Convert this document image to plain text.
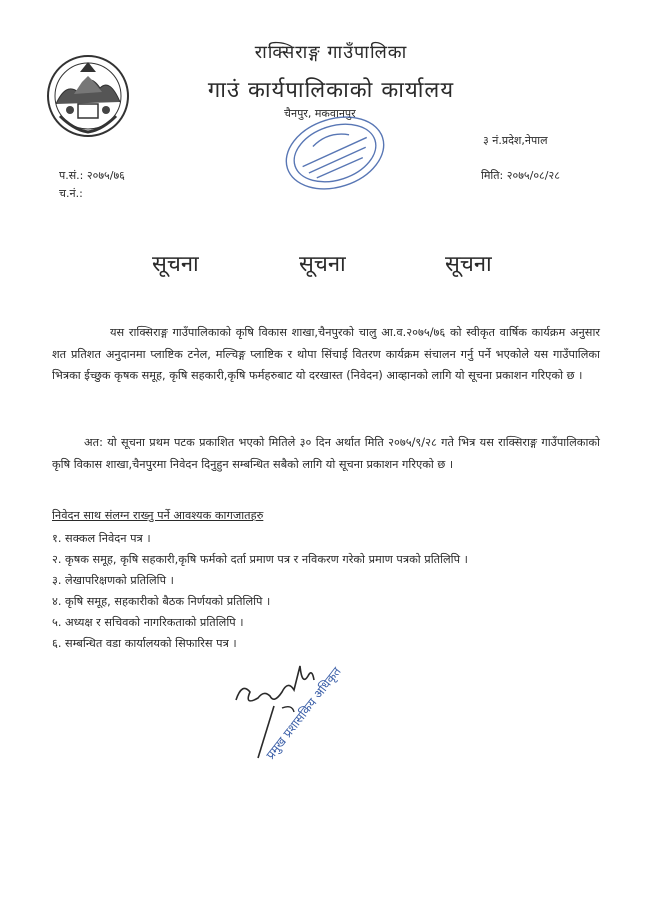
राक्सिराङ्ग गाउँपालिका
गाउं कार्यपालिकाको कार्यालय
चैनपुर, मकवानपुर
३ नं.प्रदेश,नेपाल
प.सं.: २०७५/७६
च.नं.:
मिति: २०७५/०८/२८
सूचना	सूचना	सूचना

यस राक्सिराङ्ग गाउँपालिकाको कृषि विकास शाखा,चैनपुरको चालु आ.व.२०७५/७६ को स्वीकृत वार्षिक कार्यक्रम अनुसार शत प्रतिशत अनुदानमा प्लाष्टिक टनेल, मल्चिङ्ग प्लाष्टिक र थोपा सिंचाई वितरण कार्यक्रम संचालन गर्नु पर्ने भएकोले यस गाउँपालिका भित्रका ईच्छुक कृषक समूह, कृषि सहकारी,कृषि फर्महरुबाट यो दरखास्त (निवेदन) आव्हानको लागि यो सूचना प्रकाशन गरिएको छ ।

अत: यो सूचना प्रथम पटक प्रकाशित भएको मितिले ३० दिन अर्थात मिति २०७५/९/२८ गते भित्र यस राक्सिराङ्ग गाउँपालिकाको कृषि विकास शाखा,चैनपुरमा निवेदन दिनुहुन सम्बन्धित सबैको लागि यो सूचना प्रकाशन गरिएको छ ।

निवेदन साथ संलग्न राख्नु पर्ने आवश्यक कागजातहरु
१. सक्कल निवेदन पत्र ।
२. कृषक समूह, कृषि सहकारी,कृषि फर्मको दर्ता प्रमाण पत्र र नविकरण गरेको प्रमाण पत्रको प्रतिलिपि ।
३. लेखापरिक्षणको प्रतिलिपि ।
४. कृषि समूह, सहकारीको बैठक निर्णयको प्रतिलिपि ।
५. अध्यक्ष र सचिवको नागरिकताको प्रतिलिपि ।
६. सम्बन्धित वडा कार्यालयको सिफारिस पत्र ।
प्रमुख प्रशासकिय अधिकृत
